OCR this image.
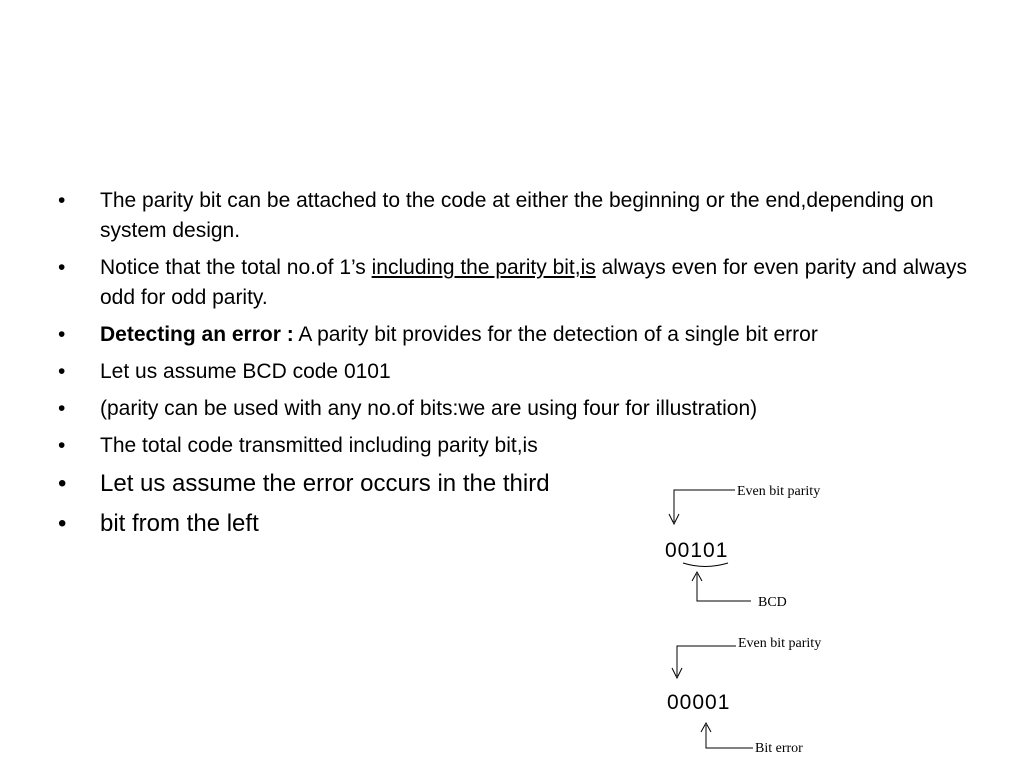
• The parity bit can be attached to the code at either the beginning or the end,depending on system design.
• Notice that the total no.of 1’s including the parity bit,is always even for even parity and always odd for odd parity.
• Detecting an error : A parity bit provides for the detection of a single bit error
• Let us assume BCD code 0101
• (parity can be used with any no.of bits:we are using four for illustration)
• The total code transmitted including parity bit,is
• Let us assume the error occurs in the third
• bit from the left
Even bit parity
00101
BCD
Even bit parity
00001
Bit error
